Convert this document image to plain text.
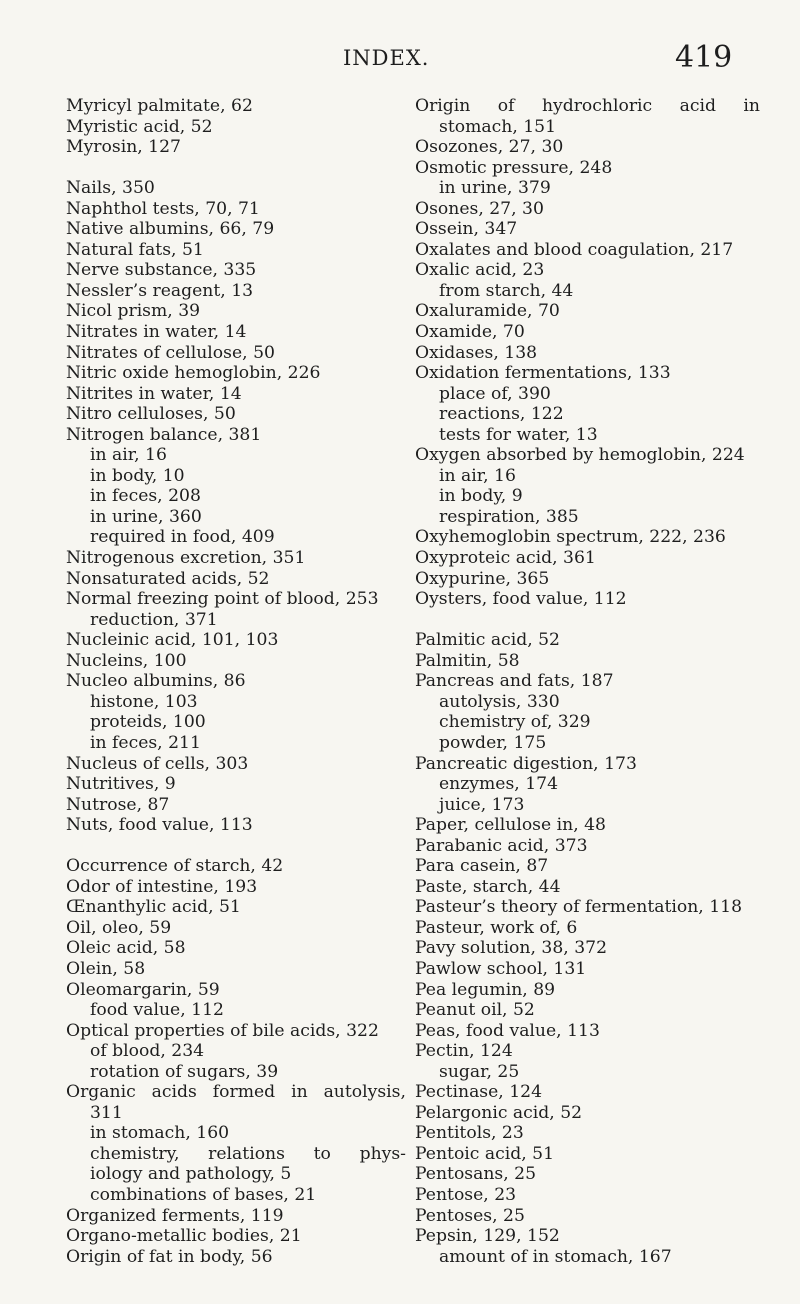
INDEX.	419
Myricyl palmitate, 62
Myristic acid, 52
Myrosin, 127
Nails, 350
Naphthol tests, 70, 71
Native albumins, 66, 79
Natural fats, 51
Nerve substance, 335
Nessler’s reagent, 13
Nicol prism, 39
Nitrates in water, 14
Nitrates of cellulose, 50
Nitric oxide hemoglobin, 226
Nitrites in water, 14
Nitro celluloses, 50
Nitrogen balance, 381
in air, 16
in body, 10
in feces, 208
in urine, 360
required in food, 409
Nitrogenous excretion, 351
Nonsaturated acids, 52
Normal freezing point of blood, 253
reduction, 371
Nucleinic acid, 101, 103
Nucleins, 100
Nucleo albumins, 86
histone, 103
proteids, 100
in feces, 211
Nucleus of cells, 303
Nutritives, 9
Nutrose, 87
Nuts, food value, 113
Occurrence of starch, 42
Odor of intestine, 193
Œnanthylic acid, 51
Oil, oleo, 59
Oleic acid, 58
Olein, 58
Oleomargarin, 59
food value, 112
Optical properties of bile acids, 322
of blood, 234
rotation of sugars, 39
Organic acids formed in autolysis,
311
in stomach, 160
chemistry, relations to phys-
iology and pathology, 5
combinations of bases, 21
Organized ferments, 119
Organo-metallic bodies, 21
Origin of fat in body, 56
Origin of hydrochloric acid in
stomach, 151
Osozones, 27, 30
Osmotic pressure, 248
in urine, 379
Osones, 27, 30
Ossein, 347
Oxalates and blood coagulation, 217
Oxalic acid, 23
from starch, 44
Oxaluramide, 70
Oxamide, 70
Oxidases, 138
Oxidation fermentations, 133
place of, 390
reactions, 122
tests for water, 13
Oxygen absorbed by hemoglobin, 224
in air, 16
in body, 9
respiration, 385
Oxyhemoglobin spectrum, 222, 236
Oxyproteic acid, 361
Oxypurine, 365
Oysters, food value, 112
Palmitic acid, 52
Palmitin, 58
Pancreas and fats, 187
autolysis, 330
chemistry of, 329
powder, 175
Pancreatic digestion, 173
enzymes, 174
juice, 173
Paper, cellulose in, 48
Parabanic acid, 373
Para casein, 87
Paste, starch, 44
Pasteur’s theory of fermentation, 118
Pasteur, work of, 6
Pavy solution, 38, 372
Pawlow school, 131
Pea legumin, 89
Peanut oil, 52
Peas, food value, 113
Pectin, 124
sugar, 25
Pectinase, 124
Pelargonic acid, 52
Pentitols, 23
Pentoic acid, 51
Pentosans, 25
Pentose, 23
Pentoses, 25
Pepsin, 129, 152
amount of in stomach, 167
